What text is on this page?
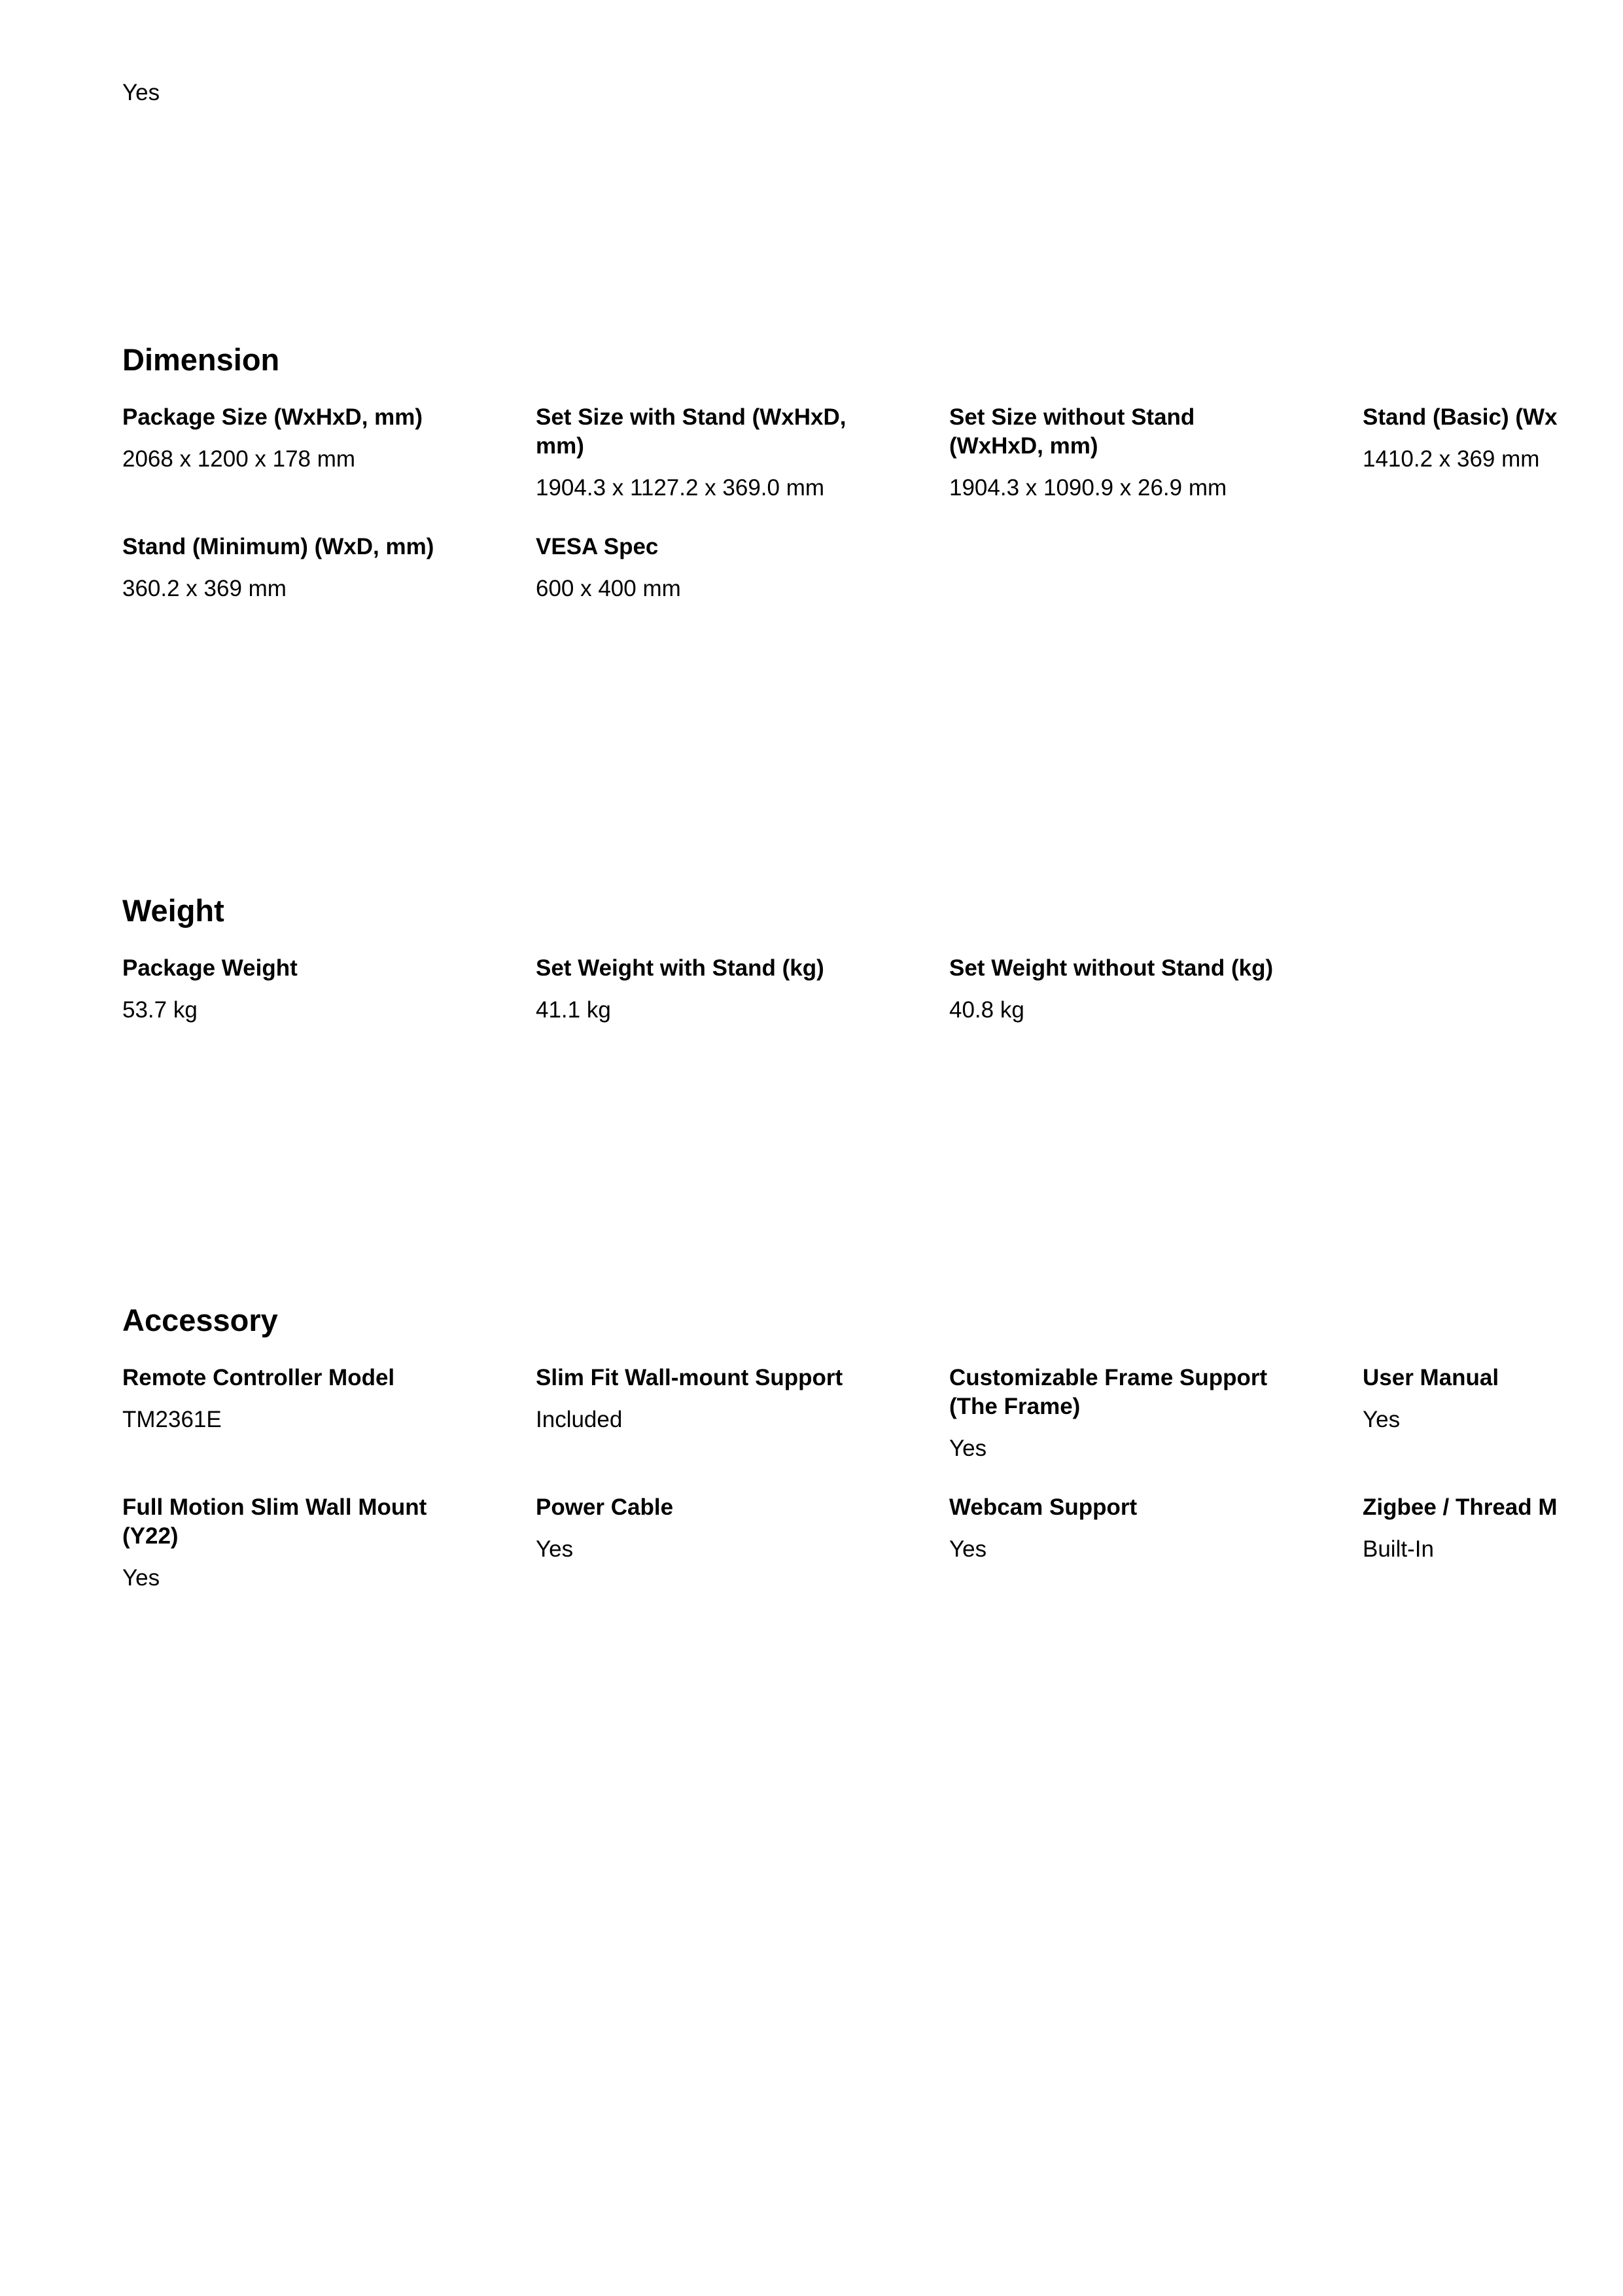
Yes
Dimension
Package Size (WxHxD, mm)
2068 x 1200 x 178 mm
Set Size with Stand (WxHxD, mm)
1904.3 x 1127.2 x 369.0 mm
Set Size without Stand (WxHxD, mm)
1904.3 x 1090.9 x 26.9 mm
Stand (Basic) (Wx
1410.2 x 369 mm
Stand (Minimum) (WxD, mm)
360.2 x 369 mm
VESA Spec
600 x 400 mm
Weight
Package Weight
53.7 kg
Set Weight with Stand (kg)
41.1 kg
Set Weight without Stand (kg)
40.8 kg
Accessory
Remote Controller Model
TM2361E
Slim Fit Wall-mount Support
Included
Customizable Frame Support (The Frame)
Yes
User Manual
Yes
Full Motion Slim Wall Mount (Y22)
Yes
Power Cable
Yes
Webcam Support
Yes
Zigbee / Thread M
Built-In
